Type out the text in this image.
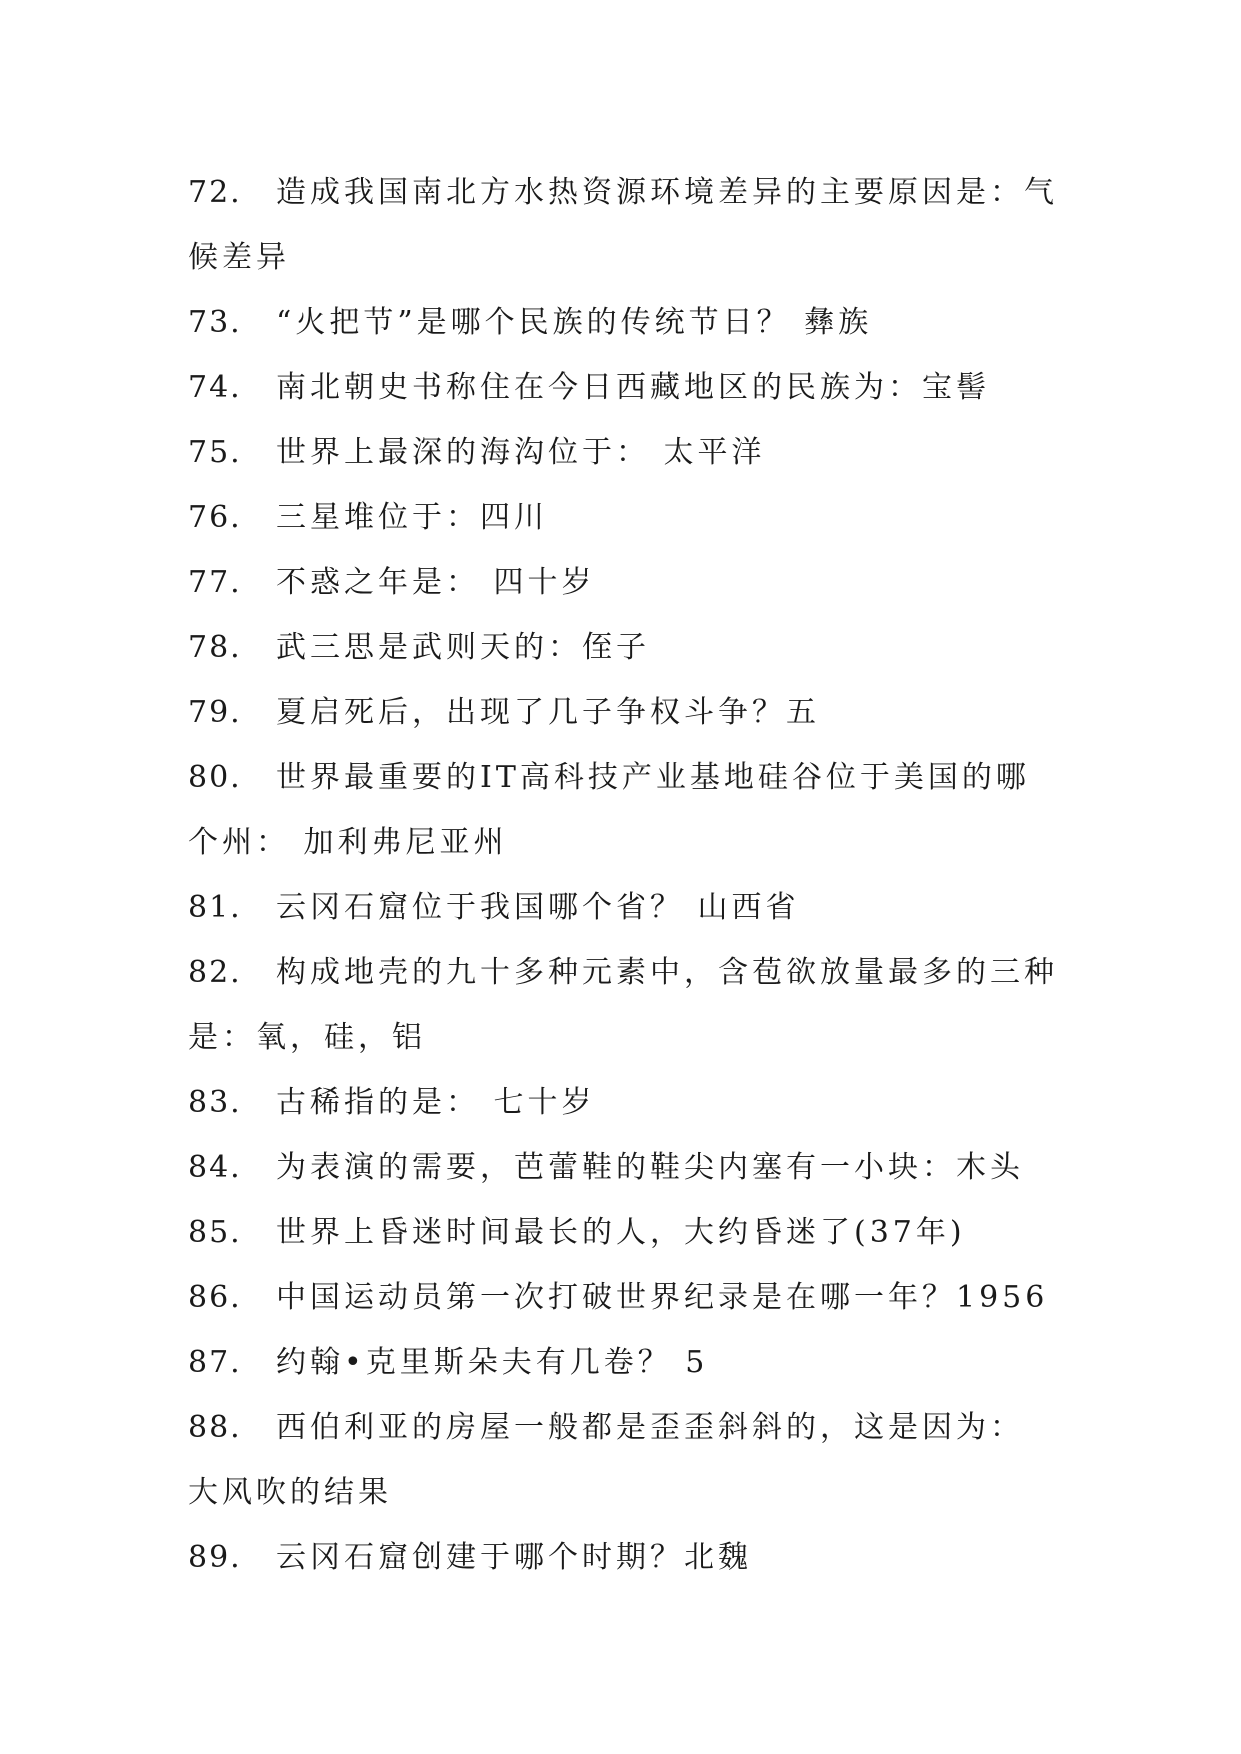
72. 造成我国南北方水热资源环境差异的主要原因是：气候差异
73. “火把节”是哪个民族的传统节日？ 彝族
74. 南北朝史书称住在今日西藏地区的民族为：宝髻
75. 世界上最深的海沟位于： 太平洋
76. 三星堆位于：四川
77. 不惑之年是： 四十岁
78. 武三思是武则天的：侄子
79. 夏启死后，出现了几子争权斗争？五
80. 世界最重要的IT高科技产业基地硅谷位于美国的哪个州： 加利弗尼亚州
81. 云冈石窟位于我国哪个省？ 山西省
82. 构成地壳的九十多种元素中，含苞欲放量最多的三种是：氧，硅，铝
83. 古稀指的是： 七十岁
84. 为表演的需要，芭蕾鞋的鞋尖内塞有一小块：木头
85. 世界上昏迷时间最长的人，大约昏迷了(37年)
86. 中国运动员第一次打破世界纪录是在哪一年？1956
87. 约翰•克里斯朵夫有几卷？ 5
88. 西伯利亚的房屋一般都是歪歪斜斜的，这是因为： 大风吹的结果
89. 云冈石窟创建于哪个时期？北魏
